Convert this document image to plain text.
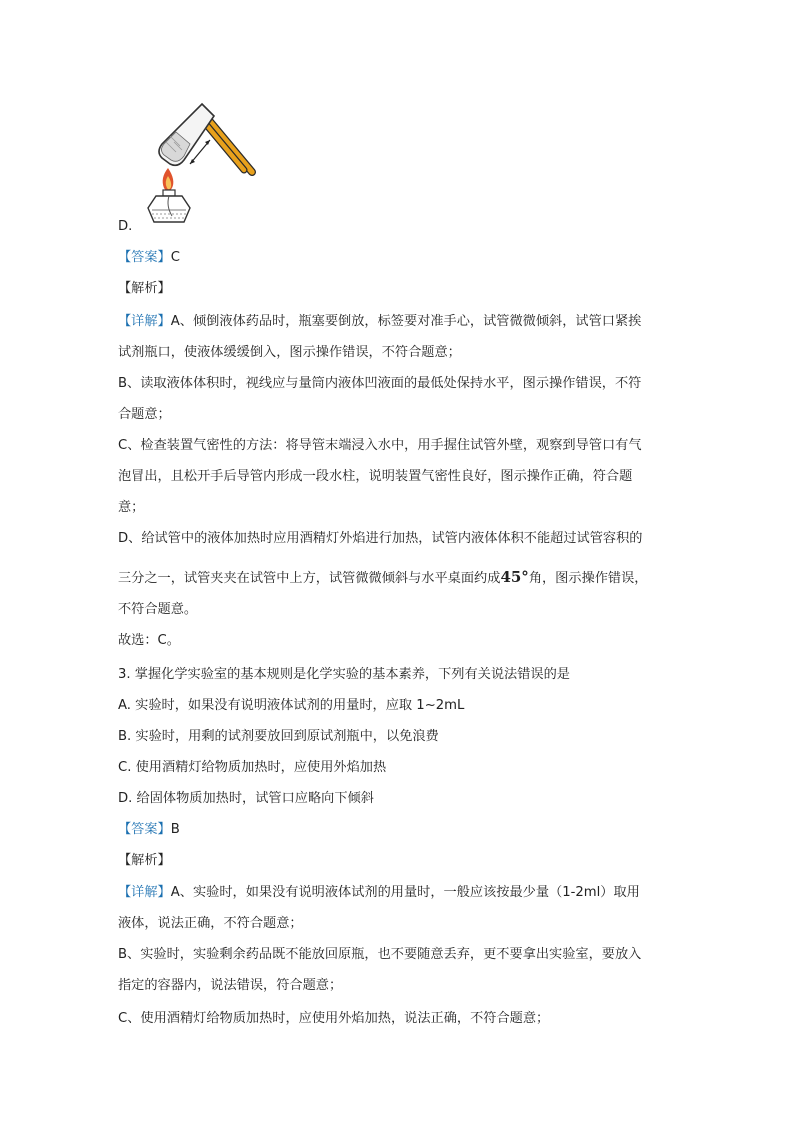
D.
【答案】C
【解析】
【详解】A、倾倒液体药品时，瓶塞要倒放，标签要对准手心，试管微微倾斜，试管口紧挨
试剂瓶口，使液体缓缓倒入，图示操作错误，不符合题意；
B、读取液体体积时，视线应与量筒内液体凹液面的最低处保持水平，图示操作错误，不符
合题意；
C、检查装置气密性的方法：将导管末端浸入水中，用手握住试管外壁，观察到导管口有气
泡冒出，且松开手后导管内形成一段水柱，说明装置气密性良好，图示操作正确，符合题
意；
D、给试管中的液体加热时应用酒精灯外焰进行加热，试管内液体体积不能超过试管容积的
三分之一，试管夹夹在试管中上方，试管微微倾斜与水平桌面约成45°角，图示操作错误，
不符合题意。
故选：C。
3. 掌握化学实验室的基本规则是化学实验的基本素养，下列有关说法错误的是
A. 实验时，如果没有说明液体试剂的用量时，应取 1~2mL
B. 实验时，用剩的试剂要放回到原试剂瓶中，以免浪费
C. 使用酒精灯给物质加热时，应使用外焰加热
D. 给固体物质加热时，试管口应略向下倾斜
【答案】B
【解析】
【详解】A、实验时，如果没有说明液体试剂的用量时，一般应该按最少量（1-2ml）取用
液体，说法正确，不符合题意；
B、实验时，实验剩余药品既不能放回原瓶，也不要随意丢弃，更不要拿出实验室，要放入
指定的容器内，说法错误，符合题意；
C、使用酒精灯给物质加热时，应使用外焰加热，说法正确，不符合题意；
